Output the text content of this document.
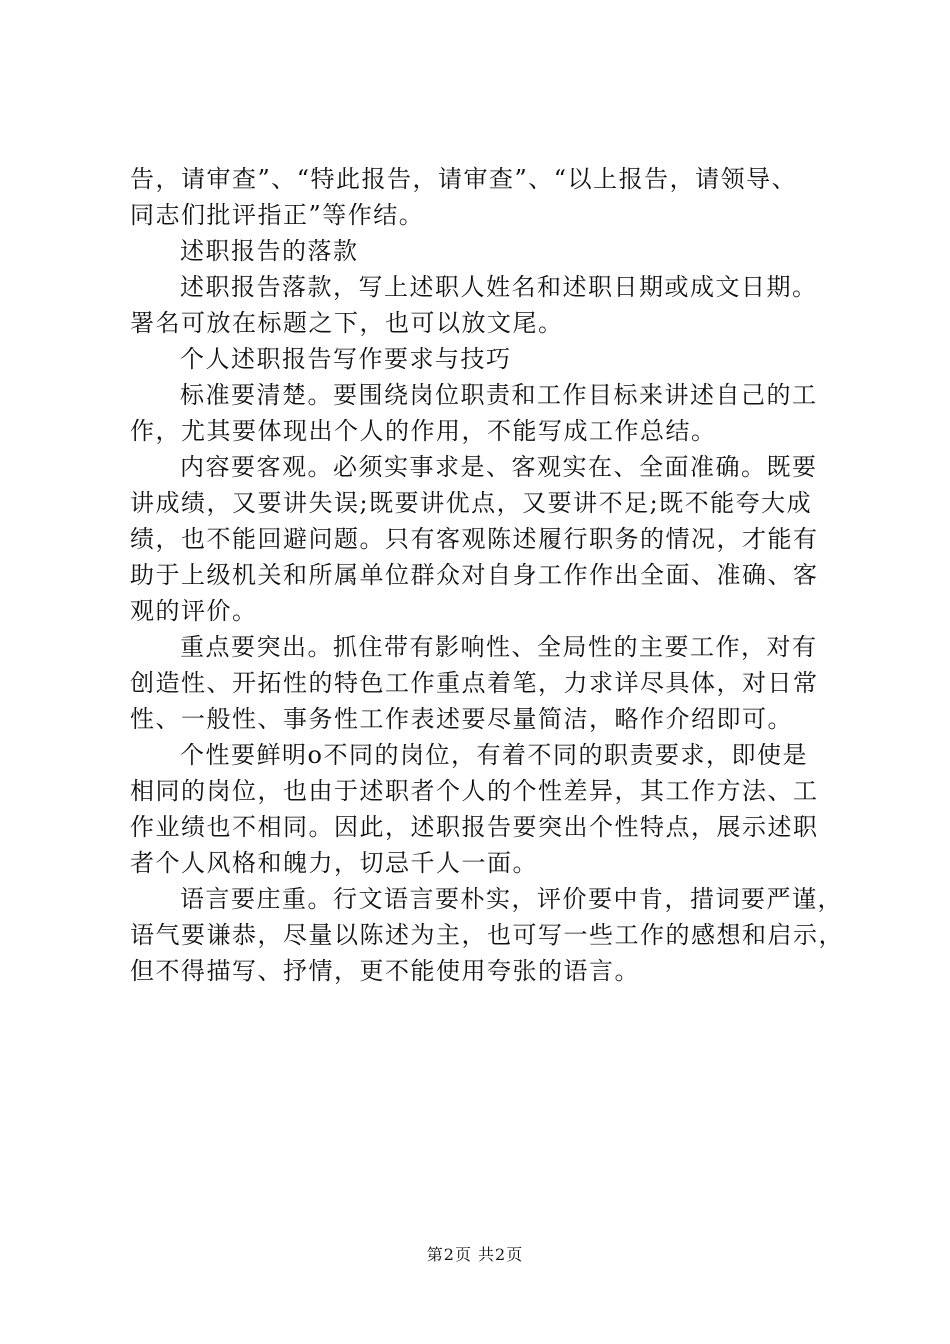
告，请审查”、“特此报告，请审查”、“以上报告，请领导、
同志们批评指正”等作结。
述职报告的落款
述职报告落款，写上述职人姓名和述职日期或成文日期。
署名可放在标题之下，也可以放文尾。
个人述职报告写作要求与技巧
标准要清楚。要围绕岗位职责和工作目标来讲述自己的工
作，尤其要体现出个人的作用，不能写成工作总结。
内容要客观。必须实事求是、客观实在、全面准确。既要
讲成绩，又要讲失误;既要讲优点，又要讲不足;既不能夸大成
绩，也不能回避问题。只有客观陈述履行职务的情况，才能有
助于上级机关和所属单位群众对自身工作作出全面、准确、客
观的评价。
重点要突出。抓住带有影响性、全局性的主要工作，对有
创造性、开拓性的特色工作重点着笔，力求详尽具体，对日常
性、一般性、事务性工作表述要尽量简洁，略作介绍即可。
个性要鲜明o不同的岗位，有着不同的职责要求，即使是
相同的岗位，也由于述职者个人的个性差异，其工作方法、工
作业绩也不相同。因此，述职报告要突出个性特点，展示述职
者个人风格和魄力，切忌千人一面。
语言要庄重。行文语言要朴实，评价要中肯，措词要严谨，
语气要谦恭，尽量以陈述为主，也可写一些工作的感想和启示，
但不得描写、抒情，更不能使用夸张的语言。
第2页 共2页
